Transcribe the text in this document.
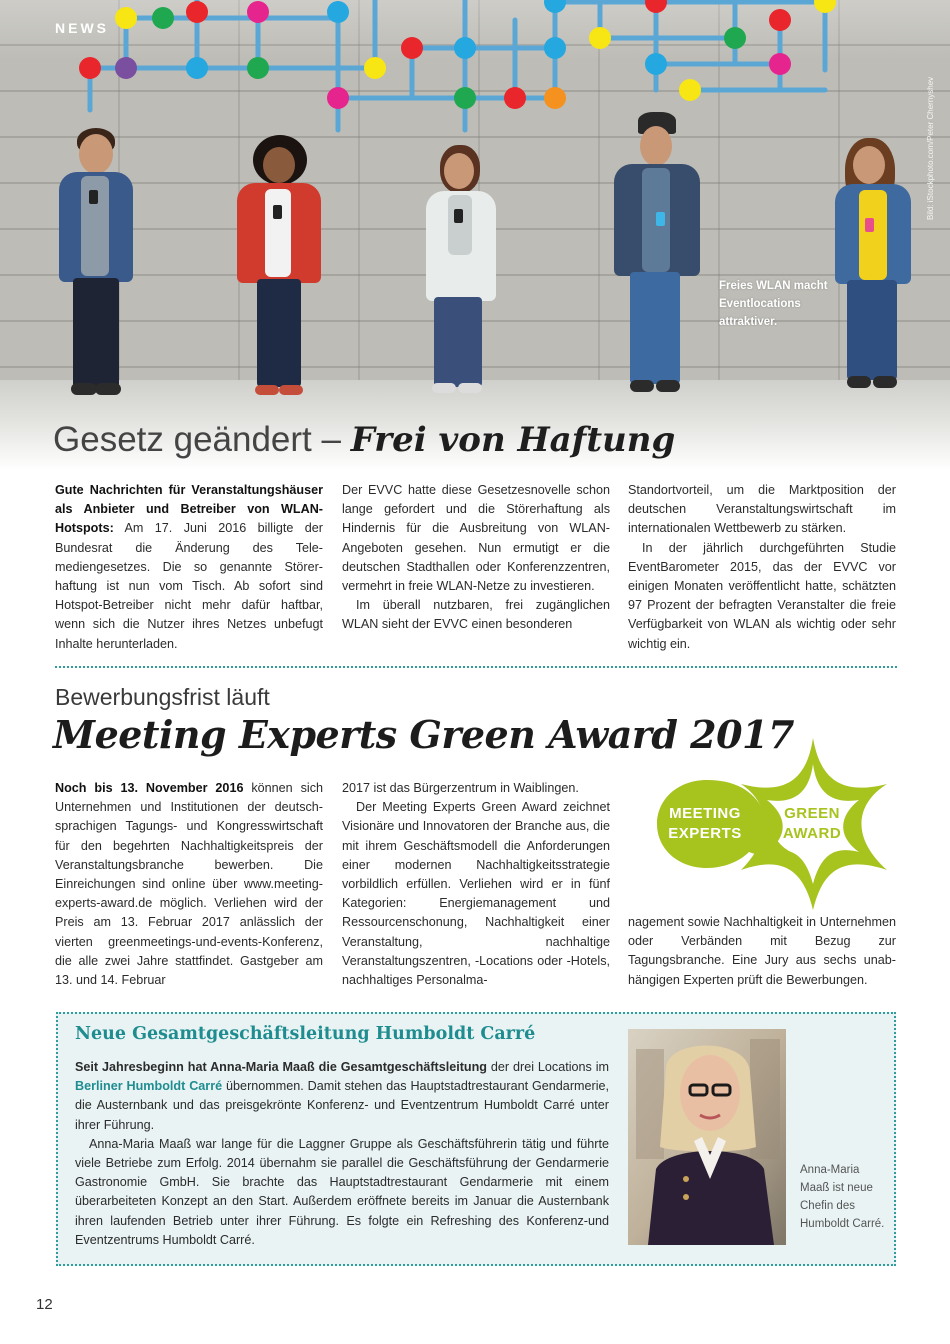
NEWS
Bild: iStockphoto.com/Peter Chernyshev
Freies WLAN macht Eventlocations attraktiver.
Gesetz geändert – Frei von Haftung

Gute Nachrichten für Veranstaltungshäuser als Anbieter und Betreiber von WLAN-Hotspots: Am 17. Juni 2016 billigte der Bundesrat die Änderung des Telemediengesetzes. Die so genannte Störerhaftung ist nun vom Tisch. Ab sofort sind Hotspot-Betreiber nicht mehr dafür haftbar, wenn sich die Nutzer ihres Netzes unbefugt Inhalte herunterladen.

Der EVVC hatte diese Gesetzesnovelle schon lange gefordert und die Störerhaftung als Hindernis für die Ausbreitung von WLAN-Angeboten gesehen. Nun ermutigt er die deutschen Stadthallen oder Konferenzzentren, vermehrt in freie WLAN-Netze zu investieren.

Im überall nutzbaren, frei zugänglichen WLAN sieht der EVVC einen besonderen

Standortvorteil, um die Marktposition der deutschen Veranstaltungswirtschaft im internationalen Wettbewerb zu stärken.

In der jährlich durchgeführten Studie EventBarometer 2015, das der EVVC vor einigen Monaten veröffentlicht hatte, schätzten 97 Prozent der befragten Veranstalter die freie Verfügbarkeit von WLAN als wichtig oder sehr wichtig ein.

Bewerbungsfrist läuft
Meeting Experts Green Award 2017
MEETING EXPERTS
GREEN AWARD

Noch bis 13. November 2016 können sich Unternehmen und Institutionen der deutschsprachigen Tagungs- und Kongresswirtschaft für den begehrten Nachhaltigkeitspreis der Veranstaltungsbranche bewerben. Die Einreichungen sind online über www.meeting-experts-award.de möglich. Verliehen wird der Preis am 13. Februar 2017 anlässlich der vierten greenmeetings-und-events-Konferenz, die alle zwei Jahre stattfindet. Gastgeber am 13. und 14. Februar

2017 ist das Bürgerzentrum in Waiblingen.

Der Meeting Experts Green Award zeichnet Visionäre und Innovatoren der Branche aus, die mit ihrem Geschäftsmodell die Anforderungen einer modernen Nachhaltigkeitsstrategie vorbildlich erfüllen. Verliehen wird er in fünf Kategorien: Energiemanagement und Ressourcenschonung, Nachhaltigkeit einer Veranstaltung, nachhaltige Veranstaltungszentren, -Locations oder -Hotels, nachhaltiges Personalma-

nagement sowie Nachhaltigkeit in Unternehmen oder Verbänden mit Bezug zur Tagungsbranche. Eine Jury aus sechs unabhängigen Experten prüft die Bewerbungen.

Neue Gesamtgeschäftsleitung Humboldt Carré

Seit Jahresbeginn hat Anna-Maria Maaß die Gesamtgeschäftsleitung der drei Locations im Berliner Humboldt Carré übernommen. Damit stehen das Hauptstadtrestaurant Gendarmerie, die Austernbank und das preisgekrönte Konferenz- und Eventzentrum Humboldt Carré unter ihrer Führung.

Anna-Maria Maaß war lange für die Laggner Gruppe als Geschäftsführerin tätig und führte viele Betriebe zum Erfolg. 2014 übernahm sie parallel die Geschäftsführung der Gendarmerie Gastronomie GmbH. Sie brachte das Hauptstadtrestaurant Gendarmerie mit einem überarbeiteten Konzept an den Start. Außerdem eröffnete bereits im Januar die Austernbank ihren laufenden Betrieb unter ihrer Führung. Es folgte ein Refreshing des Konferenz-und Eventzentrums Humboldt Carré.

Anna-Maria Maaß ist neue Chefin des Humboldt Carré.
12
